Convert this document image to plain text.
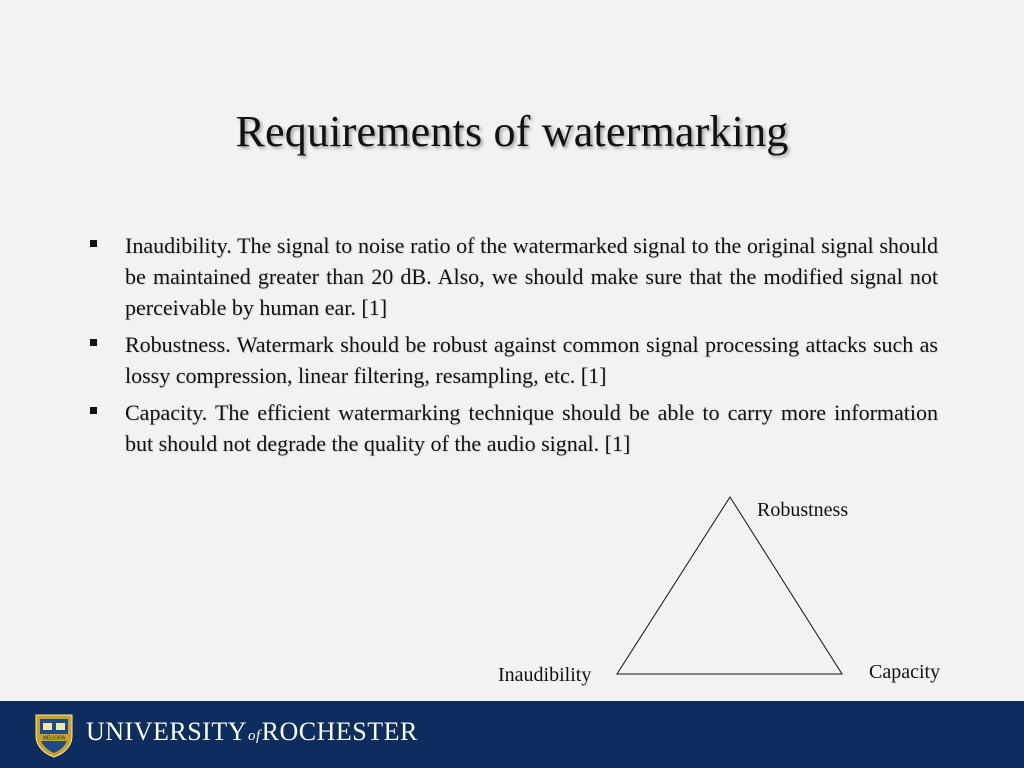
Requirements of watermarking
Inaudibility. The signal to noise ratio of the watermarked signal to the original signal should be maintained greater than 20 dB. Also, we should make sure that the modified signal not perceivable by human ear. [1]
Robustness. Watermark should be robust against common signal processing attacks such as lossy compression, linear filtering, resampling, etc. [1]
Capacity. The efficient watermarking technique should be able to carry more information but should not degrade the quality of the audio signal. [1]
Robustness
Inaudibility	Capacity
MELIORA UNIVERSITYofROCHESTER
